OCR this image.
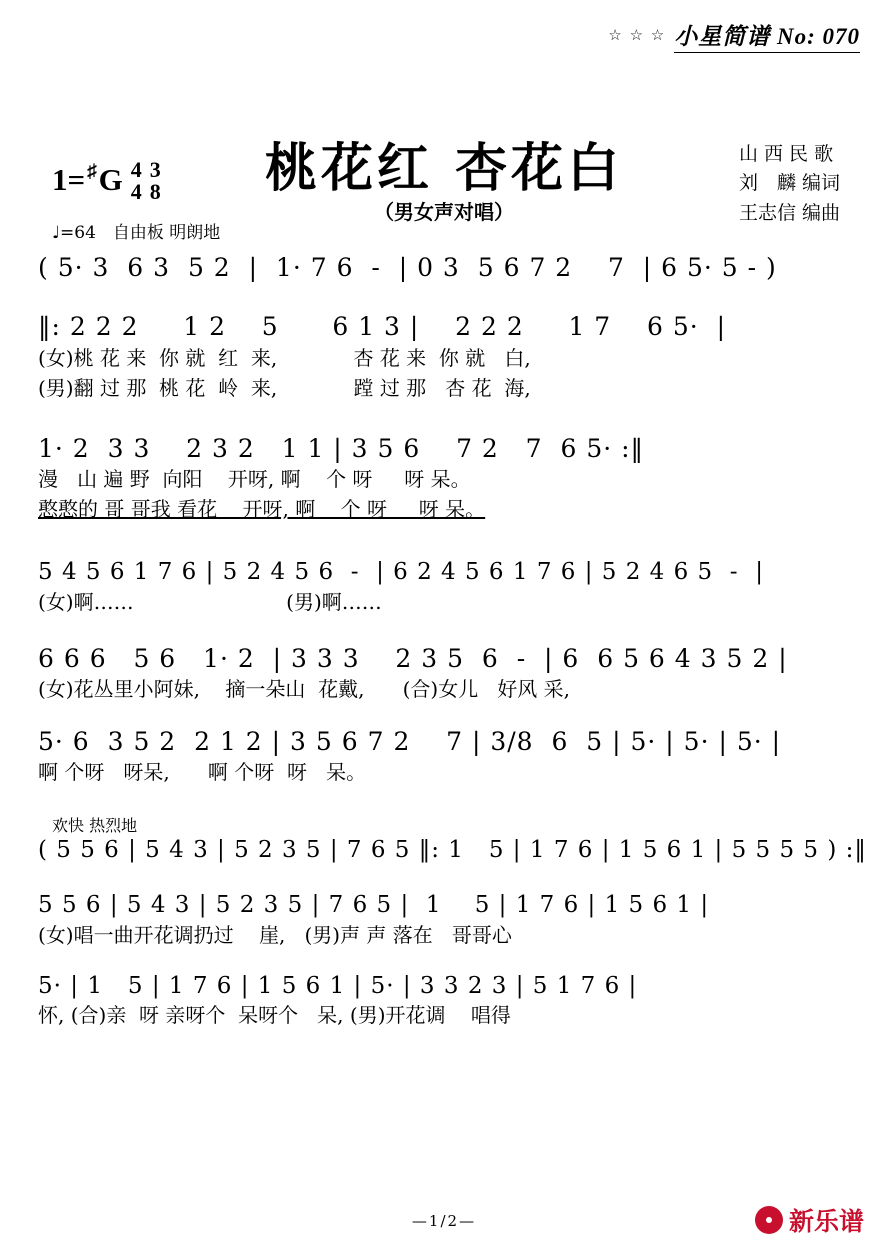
☆ ☆ ☆ 小星简谱 No: 070
1= ♯ G 4
4
3
8	桃花红 杏花白
（男女声对唱）
山 西 民 歌
刘　麟 编词
王志信 编曲
♩=64　自由板 明朗地
( 5· 3  6 3  5 2  |  1· 7 6  -  | 0 3  5 6 7 2    7  | 6 5· 5 - )
‖: 2 2 2     1 2    5      6 1 3 |    2 2 2     1 7    6 5·  |
(女)桃 花 来  你 就  红  来,            杏 花 来  你 就   白,
(男)翻 过 那  桃 花  岭  来,            蹚 过 那   杏 花  海,
1· 2  3 3    2 3 2   1 1 | 3 5 6    7 2   7  6 5· :‖
漫   山 遍 野  向阳    开呀, 啊    个 呀     呀 呆。
憨憨的 哥 哥我 看花    开呀, 啊    个 呀     呀 呆。
5 4 5 6 1 7 6 | 5 2 4 5 6  -  | 6 2 4 5 6 1 7 6 | 5 2 4 6 5  -  |
(女)啊……                        (男)啊……
6 6 6   5 6   1· 2  | 3 3 3    2 3 5  6  -  | 6  6 5 6 4 3 5 2 |
(女)花丛里小阿妹,    摘一朵山  花戴,      (合)女儿   好风 采,
5· 6  3 5 2  2 1 2 | 3 5 6 7 2    7 | 3/8  6  5 | 5· | 5· | 5· |
啊 个呀   呀呆,      啊 个呀  呀   呆。
欢快 热烈地
( 5 5 6 | 5 4 3 | 5 2 3 5 | 7 6 5 ‖: 1   5 | 1 7 6 | 1 5 6 1 | 5 5 5 5 ) :‖
5 5 6 | 5 4 3 | 5 2 3 5 | 7 6 5 |  1    5 | 1 7 6 | 1 5 6 1 |
(女)唱一曲开花调扔过    崖,   (男)声 声 落在   哥哥心
5· | 1   5 | 1 7 6 | 1 5 6 1 | 5· | 3 3 2 3 | 5 1 7 6 |
怀, (合)亲  呀 亲呀个  呆呀个   呆, (男)开花调    唱得
—1/2—	新乐谱
